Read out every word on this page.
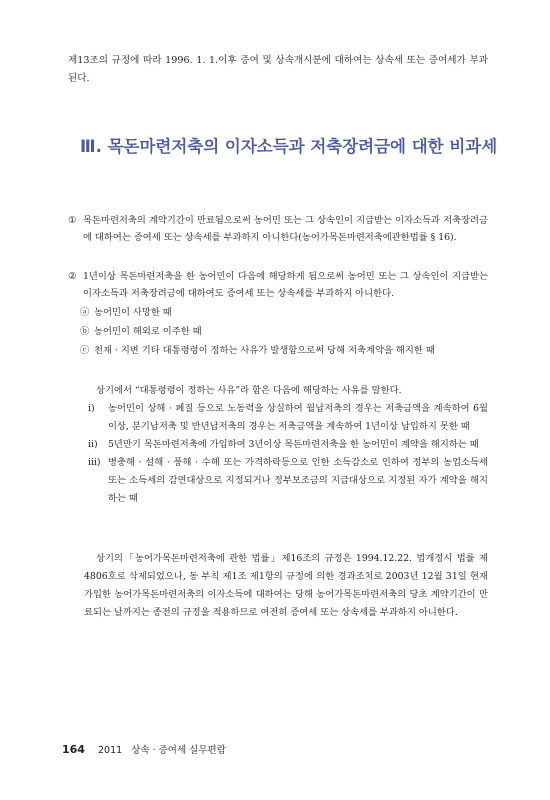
제13조의 규정에 따라 1996. 1. 1.이후 증여 및 상속개시분에 대하여는 상속세 또는 증여세가 부과된다.

Ⅲ. 목돈마련저축의 이자소득과 저축장려금에 대한 비과세
① 목돈마련저축의 계약기간이 만료됨으로써 농어민 또는 그 상속인이 지급받는 이자소득과 저축장려금에 대하여는 증여세 또는 상속세를 부과하지 아니한다(농어가목돈마련저축에관한법률 § 16).
② 1년이상 목돈마련저축을 한 농어민이 다음에 해당하게 됨으로써 농어민 또는 그 상속인이 지급받는 이자소득과 저축장려금에 대하여도 증여세 또는 상속세를 부과하지 아니한다.
ⓐ 농어민이 사망한 때
ⓑ 농어민이 해외로 이주한 때
ⓒ 천재 · 지변 기타 대통령령이 정하는 사유가 발생함으로써 당해 저축계약을 해지한 때

상기에서 “대통령령이 정하는 사유”라 함은 다음에 해당하는 사유를 말한다.

ⅰ) 농어민이 상해 · 폐질 등으로 노동력을 상실하여 월납저축의 경우는 저축금액을 계속하여 6월이상, 분기납저축 및 반년납저축의 경우는 저축금액을 계속하여 1년이상 납입하지 못한 때
ⅱ) 5년만기 목돈마련저축에 가입하여 3년이상 목돈마련저축을 한 농어민이 계약을 해지하는 때
ⅲ) 병충해 · 설해 · 풍해 · 수해 또는 가격하락등으로 인한 소득감소로 인하여 정부의 농업소득세 또는 소득세의 감면대상으로 지정되거나 정부보조금의 지급대상으로 지정된 자가 계약을 해지하는 때

상기의「농어가목돈마련저축에 관한 법률」제16조의 규정은 1994.12.22. 법개정시 법률 제4806호로 삭제되었으나, 동 부칙 제1조 제1항의 규정에 의한 경과조치로 2003년 12월 31일 현재 가입한 농어가목돈마련저축의 이자소득에 대하여는 당해 농어가목돈마련저축의 당초 계약기간이 만료되는 날까지는 종전의 규정을 적용하므로 여전히 증여세 또는 상속세를 부과하지 아니한다.

164 2011 상속 · 증여세 실무편람
